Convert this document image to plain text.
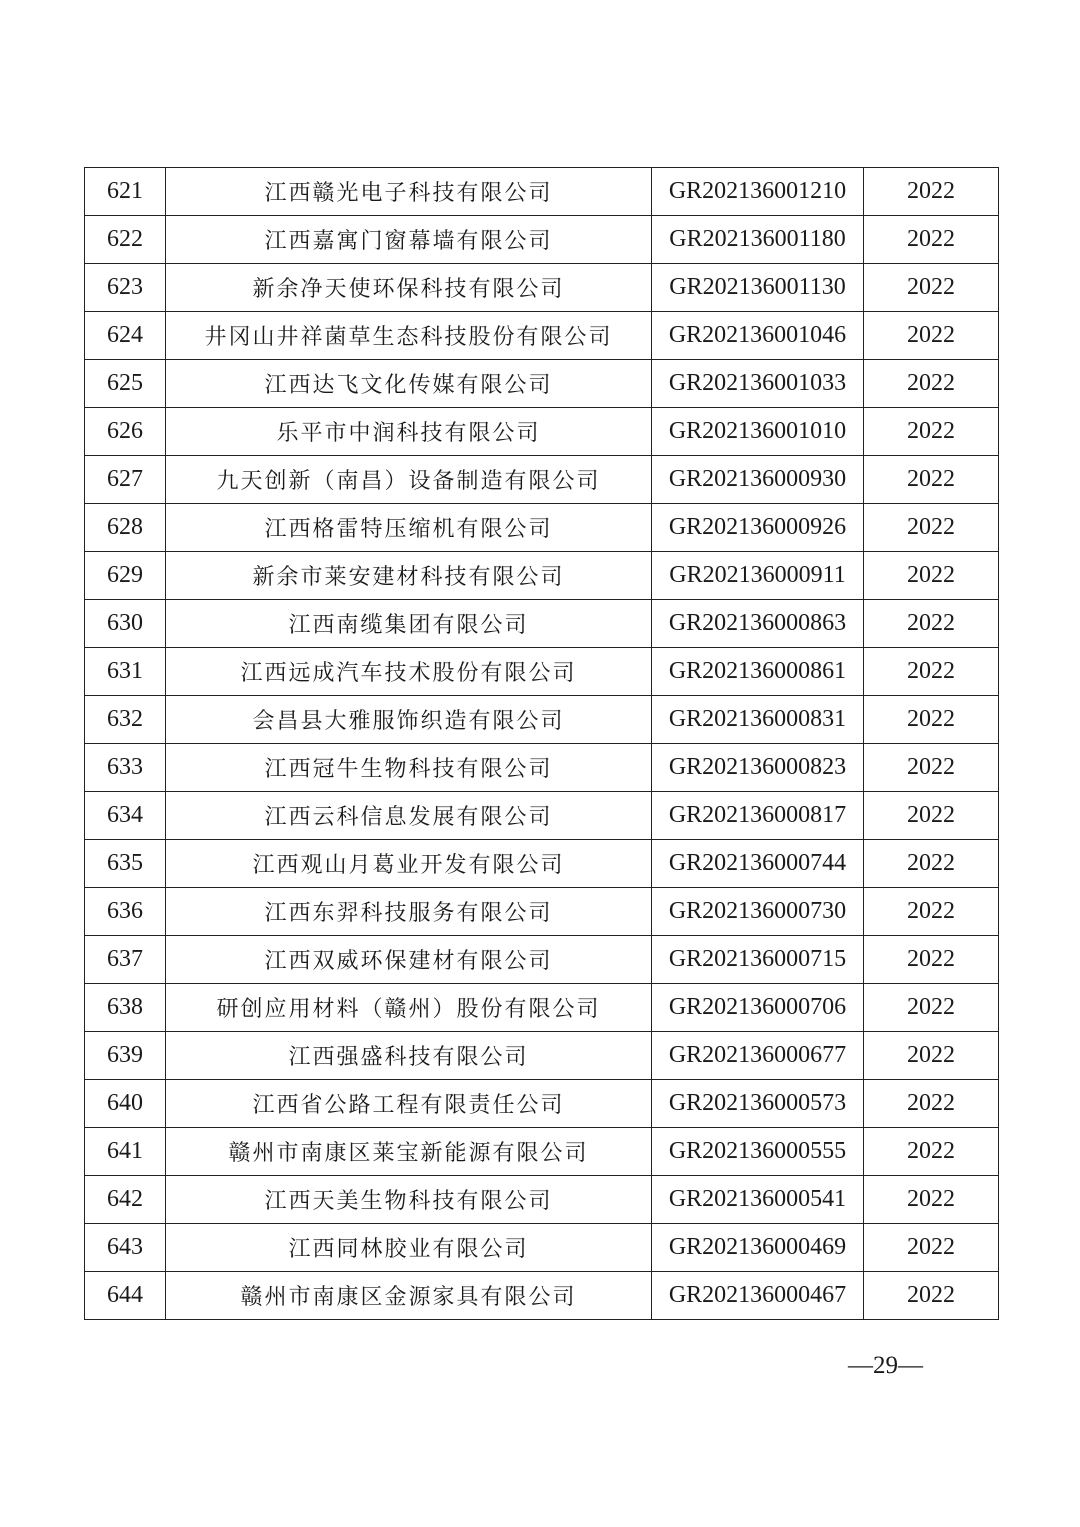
621	江西赣光电子科技有限公司	GR202136001210	2022
622	江西嘉寓门窗幕墙有限公司	GR202136001180	2022
623	新余净天使环保科技有限公司	GR202136001130	2022
624	井冈山井祥菌草生态科技股份有限公司	GR202136001046	2022
625	江西达飞文化传媒有限公司	GR202136001033	2022
626	乐平市中润科技有限公司	GR202136001010	2022
627	九天创新（南昌）设备制造有限公司	GR202136000930	2022
628	江西格雷特压缩机有限公司	GR202136000926	2022
629	新余市莱安建材科技有限公司	GR202136000911	2022
630	江西南缆集团有限公司	GR202136000863	2022
631	江西远成汽车技术股份有限公司	GR202136000861	2022
632	会昌县大雅服饰织造有限公司	GR202136000831	2022
633	江西冠牛生物科技有限公司	GR202136000823	2022
634	江西云科信息发展有限公司	GR202136000817	2022
635	江西观山月葛业开发有限公司	GR202136000744	2022
636	江西东羿科技服务有限公司	GR202136000730	2022
637	江西双威环保建材有限公司	GR202136000715	2022
638	研创应用材料（赣州）股份有限公司	GR202136000706	2022
639	江西强盛科技有限公司	GR202136000677	2022
640	江西省公路工程有限责任公司	GR202136000573	2022
641	赣州市南康区莱宝新能源有限公司	GR202136000555	2022
642	江西天美生物科技有限公司	GR202136000541	2022
643	江西同林胶业有限公司	GR202136000469	2022
644	赣州市南康区金源家具有限公司	GR202136000467	2022
—29—
